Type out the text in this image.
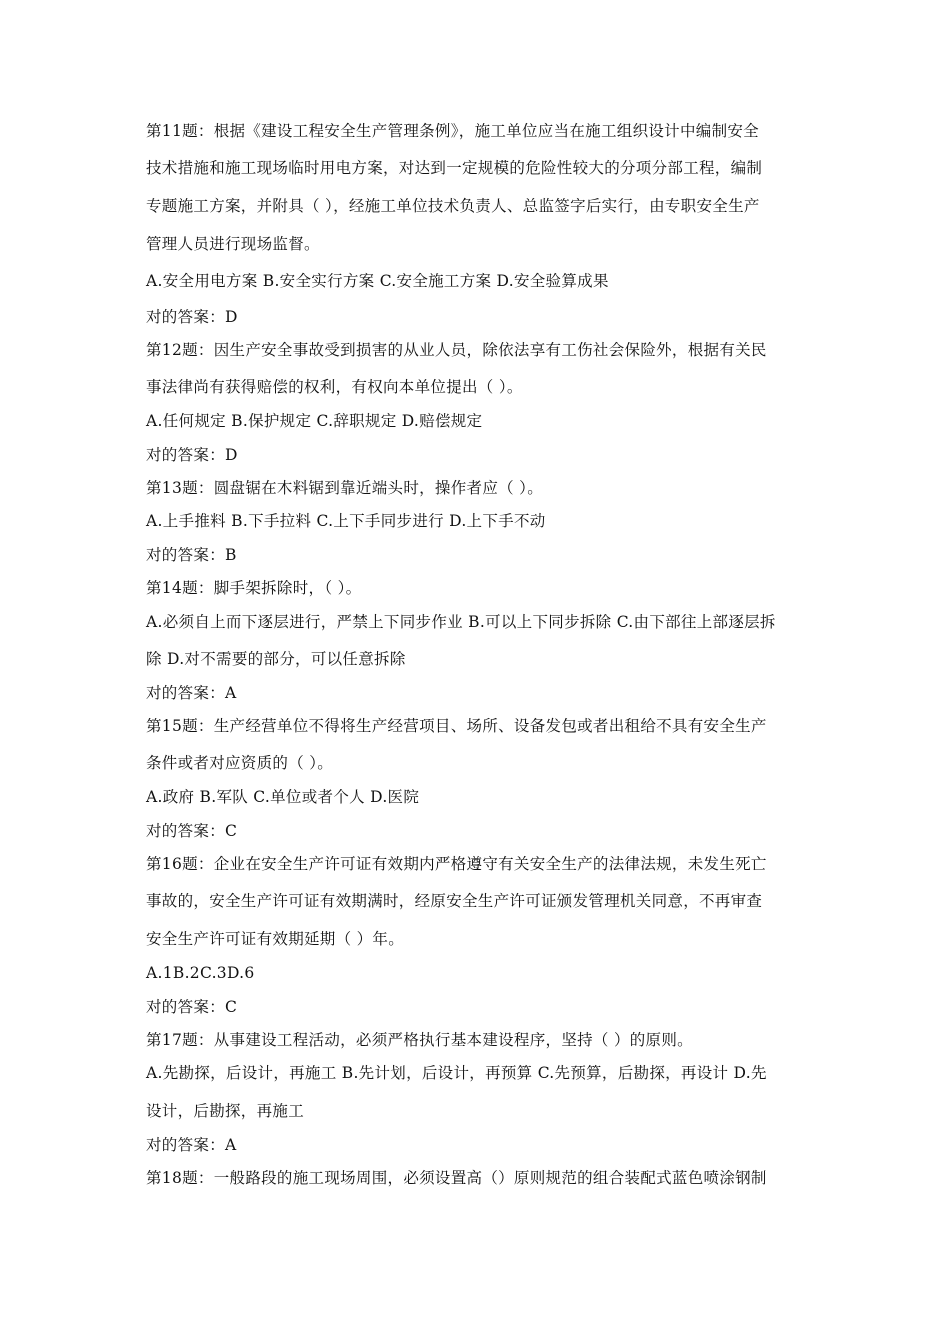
第11题：根据《建设工程安全生产管理条例》，施工单位应当在施工组织设计中编制安全
技术措施和施工现场临时用电方案，对达到一定规模的危险性较大的分项分部工程，编制
专题施工方案，并附具（ ），经施工单位技术负责人、总监签字后实行，由专职安全生产
管理人员进行现场监督。
A.安全用电方案 B.安全实行方案 C.安全施工方案 D.安全验算成果
对的答案：D
第12题：因生产安全事故受到损害的从业人员，除依法享有工伤社会保险外，根据有关民
事法律尚有获得赔偿的权利，有权向本单位提出（ ）。
A.任何规定 B.保护规定 C.辞职规定 D.赔偿规定
对的答案：D
第13题：圆盘锯在木料锯到靠近端头时，操作者应（ ）。
A.上手推料 B.下手拉料 C.上下手同步进行 D.上下手不动
对的答案：B
第14题：脚手架拆除时，（ ）。
A.必须自上而下逐层进行，严禁上下同步作业 B.可以上下同步拆除 C.由下部往上部逐层拆
除 D.对不需要的部分，可以任意拆除
对的答案：A
第15题：生产经营单位不得将生产经营项目、场所、设备发包或者出租给不具有安全生产
条件或者对应资质的（ ）。
A.政府 B.军队 C.单位或者个人 D.医院
对的答案：C
第16题：企业在安全生产许可证有效期内严格遵守有关安全生产的法律法规，未发生死亡
事故的，安全生产许可证有效期满时，经原安全生产许可证颁发管理机关同意，不再审查
安全生产许可证有效期延期（ ）年。
A.1B.2C.3D.6
对的答案：C
第17题：从事建设工程活动，必须严格执行基本建设程序，坚持（ ）的原则。
A.先勘探，后设计，再施工 B.先计划，后设计，再预算 C.先预算，后勘探，再设计 D.先
设计，后勘探，再施工
对的答案：A
第18题：一般路段的施工现场周围，必须设置高（）原则规范的组合装配式蓝色喷涂钢制
